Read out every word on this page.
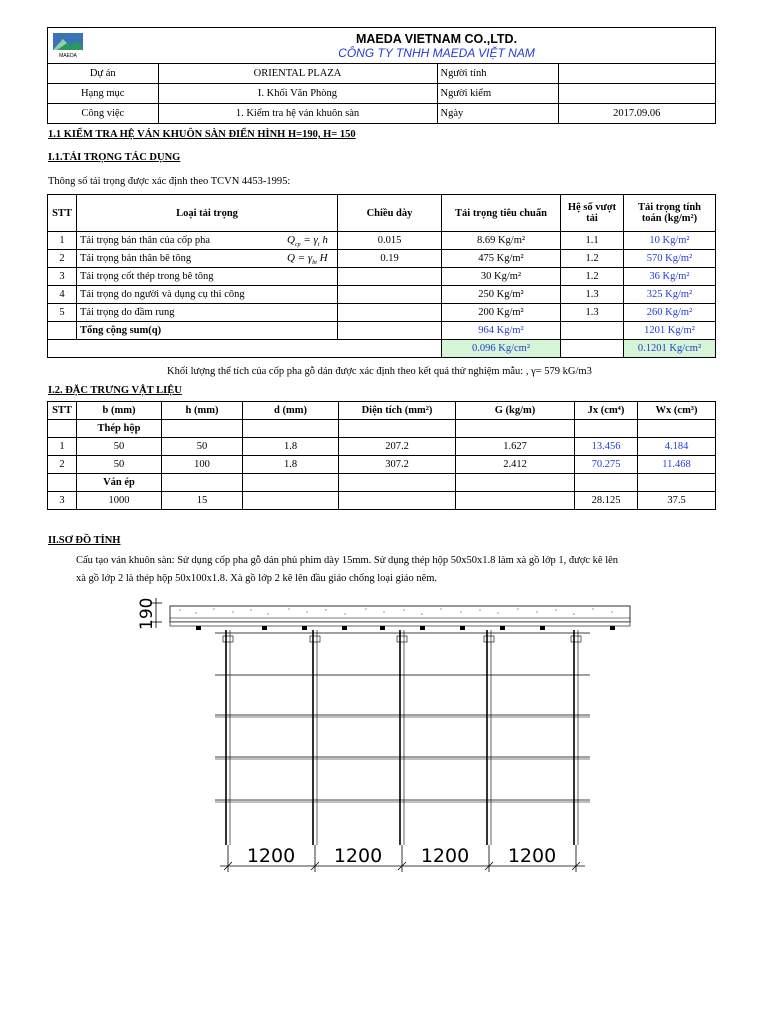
MAEDA	MAEDA VIETNAM CO.,LTD.
CÔNG TY TNHH MAEDA VIỆT NAM		

Dự án	ORIENTAL PLAZA	Người tính	
Hạng mục	I. Khối Văn Phòng	Người kiểm	
Công việc	1. Kiểm tra hệ ván khuôn sàn	Ngày	2017.09.06
1.1 KIỂM TRA HỆ VÁN KHUÔN SÀN ĐIỂN HÌNH H=190, H= 150
I.1.TẢI TRỌNG TÁC DỤNG
Thông số tải trọng được xác định theo TCVN 4453-1995:
STT	Loại tải trọng	Chiều dày	Tải trọng tiêu chuẩn	Hệ số vượt tải	Tải trọng tính toán (kg/m²)
1	Tải trọng bản thân của cốp pha $Q_{cp} = \gamma_t$ h	0.015	8.69 Kg/m²	1.1	10 Kg/m²
2	Tải trọng bản thân bê tông $Q = \gamma_{bt}$ H	0.19	475 Kg/m²	1.2	570 Kg/m²
3	Tải trọng cốt thép trong bê tông		30 Kg/m²	1.2	36 Kg/m²
4	Tải trọng do người và dụng cụ thi công		250 Kg/m²	1.3	325 Kg/m²
5	Tải trọng do đầm rung		200 Kg/m²	1.3	260 Kg/m²
	Tổng cộng sum(q)		964 Kg/m²		1201 Kg/m²
			0.096 Kg/cm²		0.1201 Kg/cm²
Khối lượng thể tích của cốp pha gỗ dán được xác định theo kết quả thử nghiệm mẫu: , γ= 579 kG/m3
I.2. ĐẶC TRƯNG VẬT LIỆU
STT	b (mm)	h (mm)	d (mm)	Diện tích (mm²)	G (kg/m)	Jx (cm⁴)	Wx (cm³)
	Thép hộp						
1	50	50	1.8	207.2	1.627	13.456	4.184
2	50	100	1.8	307.2	2.412	70.275	11.468
	Ván ép						
3	1000	15				28.125	37.5
II.SƠ ĐỒ TÍNH
Cấu tạo ván khuôn sàn: Sử dụng cốp pha gỗ dán phủ phim dày 15mm. Sử dụng thép hộp 50x50x1.8 làm xà gồ lớp 1, được kê lên
xà gồ lớp 2 là thép hộp 50x100x1.8. Xà gồ lớp 2 kê lên đầu giáo chống loại giáo nêm.
190
1200 1200 1200 1200
